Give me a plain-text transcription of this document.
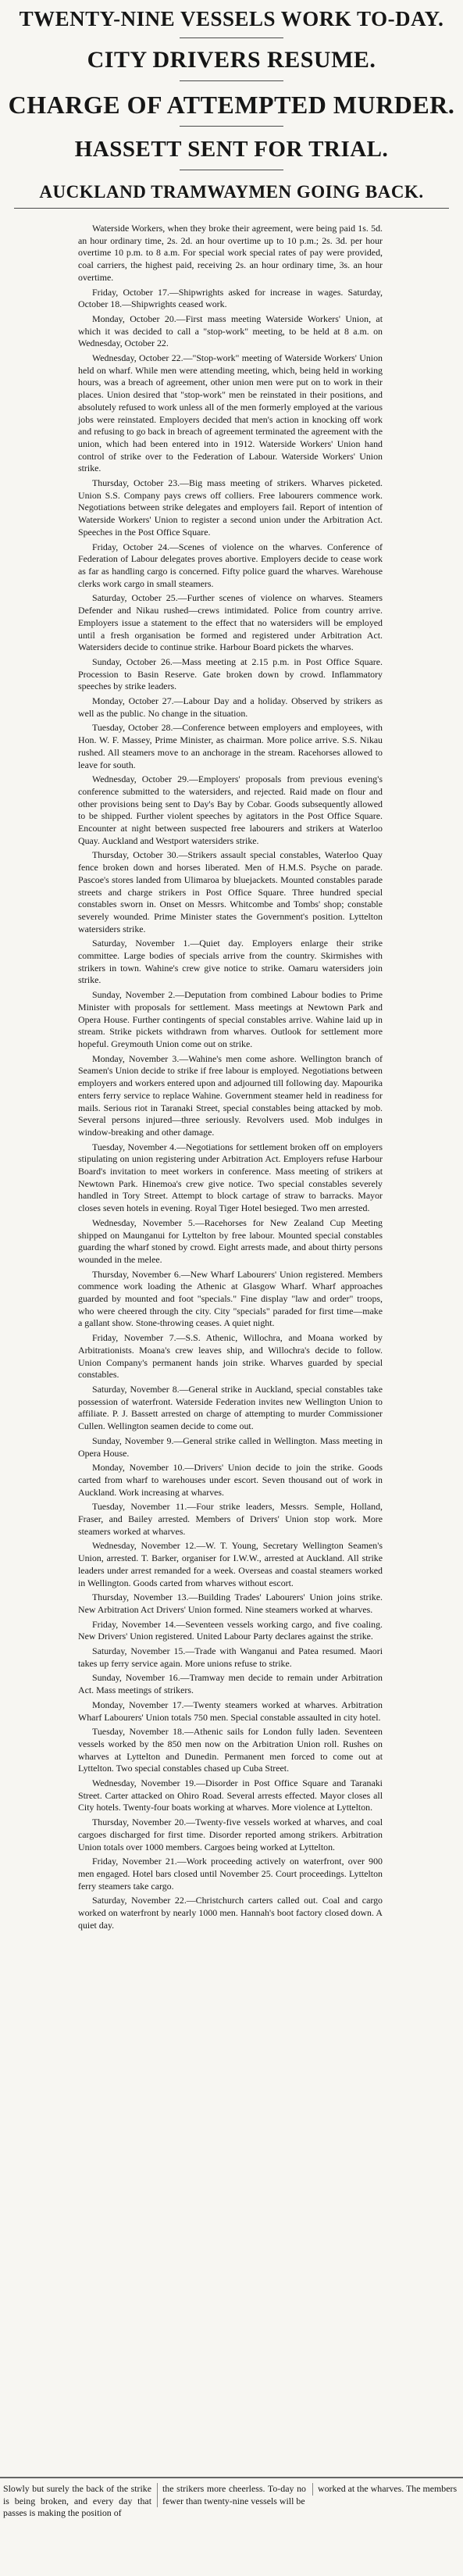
TWENTY-NINE VESSELS WORK TO-DAY.

CITY DRIVERS RESUME.

CHARGE OF ATTEMPTED MURDER.

HASSETT SENT FOR TRIAL.

AUCKLAND TRAMWAYMEN GOING BACK.

Waterside Workers, when they broke their agreement, were being paid 1s. 5d. an hour ordinary time, 2s. 2d. an hour overtime up to 10 p.m.; 2s. 3d. per hour overtime 10 p.m. to 8 a.m. For special work special rates of pay were provided, coal carriers, the highest paid, receiving 2s. an hour ordinary time, 3s. an hour overtime.

Friday, October 17.—Shipwrights asked for increase in wages. Saturday, October 18.—Shipwrights ceased work.

Monday, October 20.—First mass meeting Waterside Workers' Union, at which it was decided to call a "stop-work" meeting, to be held at 8 a.m. on Wednesday, October 22.

Wednesday, October 22.—"Stop-work" meeting of Waterside Workers' Union held on wharf. While men were attending meeting, which, being held in working hours, was a breach of agreement, other union men were put on to work in their places. Union desired that "stop-work" men be reinstated in their positions, and absolutely refused to work unless all of the men formerly employed at the various jobs were reinstated. Employers decided that men's action in knocking off work and refusing to go back in breach of agreement terminated the agreement with the union, which had been entered into in 1912. Waterside Workers' Union hand control of strike over to the Federation of Labour. Waterside Workers' Union strike.

Thursday, October 23.—Big mass meeting of strikers. Wharves picketed. Union S.S. Company pays crews off colliers. Free labourers commence work. Negotiations between strike delegates and employers fail. Report of intention of Waterside Workers' Union to register a second union under the Arbitration Act. Speeches in the Post Office Square.

Friday, October 24.—Scenes of violence on the wharves. Conference of Federation of Labour delegates proves abortive. Employers decide to cease work as far as handling cargo is concerned. Fifty police guard the wharves. Warehouse clerks work cargo in small steamers.

Saturday, October 25.—Further scenes of violence on wharves. Steamers Defender and Nikau rushed—crews intimidated. Police from country arrive. Employers issue a statement to the effect that no watersiders will be employed until a fresh organisation be formed and registered under Arbitration Act. Watersiders decide to continue strike. Harbour Board pickets the wharves.

Sunday, October 26.—Mass meeting at 2.15 p.m. in Post Office Square. Procession to Basin Reserve. Gate broken down by crowd. Inflammatory speeches by strike leaders.

Monday, October 27.—Labour Day and a holiday. Observed by strikers as well as the public. No change in the situation.

Tuesday, October 28.—Conference between employers and employees, with Hon. W. F. Massey, Prime Minister, as chairman. More police arrive. S.S. Nikau rushed. All steamers move to an anchorage in the stream. Racehorses allowed to leave for south.

Wednesday, October 29.—Employers' proposals from previous evening's conference submitted to the watersiders, and rejected. Raid made on flour and other provisions being sent to Day's Bay by Cobar. Goods subsequently allowed to be shipped. Further violent speeches by agitators in the Post Office Square. Encounter at night between suspected free labourers and strikers at Waterloo Quay. Auckland and Westport watersiders strike.

Thursday, October 30.—Strikers assault special constables, Waterloo Quay fence broken down and horses liberated. Men of H.M.S. Psyche on parade. Pascoe's stores landed from Ulimaroa by bluejackets. Mounted constables parade streets and charge strikers in Post Office Square. Three hundred special constables sworn in. Onset on Messrs. Whitcombe and Tombs' shop; constable severely wounded. Prime Minister states the Government's position. Lyttelton watersiders strike.

Saturday, November 1.—Quiet day. Employers enlarge their strike committee. Large bodies of specials arrive from the country. Skirmishes with strikers in town. Wahine's crew give notice to strike. Oamaru watersiders join strike.

Sunday, November 2.—Deputation from combined Labour bodies to Prime Minister with proposals for settlement. Mass meetings at Newtown Park and Opera House. Further contingents of special constables arrive. Wahine laid up in stream. Strike pickets withdrawn from wharves. Outlook for settlement more hopeful. Greymouth Union come out on strike.

Monday, November 3.—Wahine's men come ashore. Wellington branch of Seamen's Union decide to strike if free labour is employed. Negotiations between employers and workers entered upon and adjourned till following day. Mapourika enters ferry service to replace Wahine. Government steamer held in readiness for mails. Serious riot in Taranaki Street, special constables being attacked by mob. Several persons injured—three seriously. Revolvers used. Mob indulges in window-breaking and other damage.

Tuesday, November 4.—Negotiations for settlement broken off on employers stipulating on union registering under Arbitration Act. Employers refuse Harbour Board's invitation to meet workers in conference. Mass meeting of strikers at Newtown Park. Hinemoa's crew give notice. Two special constables severely handled in Tory Street. Attempt to block cartage of straw to barracks. Mayor closes seven hotels in evening. Royal Tiger Hotel besieged. Two men arrested.

Wednesday, November 5.—Racehorses for New Zealand Cup Meeting shipped on Maunganui for Lyttelton by free labour. Mounted special constables guarding the wharf stoned by crowd. Eight arrests made, and about thirty persons wounded in the melee.

Thursday, November 6.—New Wharf Labourers' Union registered. Members commence work loading the Athenic at Glasgow Wharf. Wharf approaches guarded by mounted and foot "specials." Fine display "law and order" troops, who were cheered through the city. City "specials" paraded for first time—make a gallant show. Stone-throwing ceases. A quiet night.

Friday, November 7.—S.S. Athenic, Willochra, and Moana worked by Arbitrationists. Moana's crew leaves ship, and Willochra's decide to follow. Union Company's permanent hands join strike. Wharves guarded by special constables.

Saturday, November 8.—General strike in Auckland, special constables take possession of waterfront. Waterside Federation invites new Wellington Union to affiliate. P. J. Bassett arrested on charge of attempting to murder Commissioner Cullen. Wellington seamen decide to come out.

Sunday, November 9.—General strike called in Wellington. Mass meeting in Opera House.

Monday, November 10.—Drivers' Union decide to join the strike. Goods carted from wharf to warehouses under escort. Seven thousand out of work in Auckland. Work increasing at wharves.

Tuesday, November 11.—Four strike leaders, Messrs. Semple, Holland, Fraser, and Bailey arrested. Members of Drivers' Union stop work. More steamers worked at wharves.

Wednesday, November 12.—W. T. Young, Secretary Wellington Seamen's Union, arrested. T. Barker, organiser for I.W.W., arrested at Auckland. All strike leaders under arrest remanded for a week. Overseas and coastal steamers worked in Wellington. Goods carted from wharves without escort.

Thursday, November 13.—Building Trades' Labourers' Union joins strike. New Arbitration Act Drivers' Union formed. Nine steamers worked at wharves.

Friday, November 14.—Seventeen vessels working cargo, and five coaling. New Drivers' Union registered. United Labour Party declares against the strike.

Saturday, November 15.—Trade with Wanganui and Patea resumed. Maori takes up ferry service again. More unions refuse to strike.

Sunday, November 16.—Tramway men decide to remain under Arbitration Act. Mass meetings of strikers.

Monday, November 17.—Twenty steamers worked at wharves. Arbitration Wharf Labourers' Union totals 750 men. Special constable assaulted in city hotel.

Tuesday, November 18.—Athenic sails for London fully laden. Seventeen vessels worked by the 850 men now on the Arbitration Union roll. Rushes on wharves at Lyttelton and Dunedin. Permanent men forced to come out at Lyttelton. Two special constables chased up Cuba Street.

Wednesday, November 19.—Disorder in Post Office Square and Taranaki Street. Carter attacked on Ohiro Road. Several arrests effected. Mayor closes all City hotels. Twenty-four boats working at wharves. More violence at Lyttelton.

Thursday, November 20.—Twenty-five vessels worked at wharves, and coal cargoes discharged for first time. Disorder reported among strikers. Arbitration Union totals over 1000 members. Cargoes being worked at Lyttelton.

Friday, November 21.—Work proceeding actively on waterfront, over 900 men engaged. Hotel bars closed until November 25. Court proceedings. Lyttelton ferry steamers take cargo.

Saturday, November 22.—Christchurch carters called out. Coal and cargo worked on waterfront by nearly 1000 men. Hannah's boot factory closed down. A quiet day.

Slowly but surely the back of the strike is being broken, and every day that passes is making the position of
the strikers more cheerless. To-day no fewer than twenty-nine vessels will be
worked at the wharves. The members
